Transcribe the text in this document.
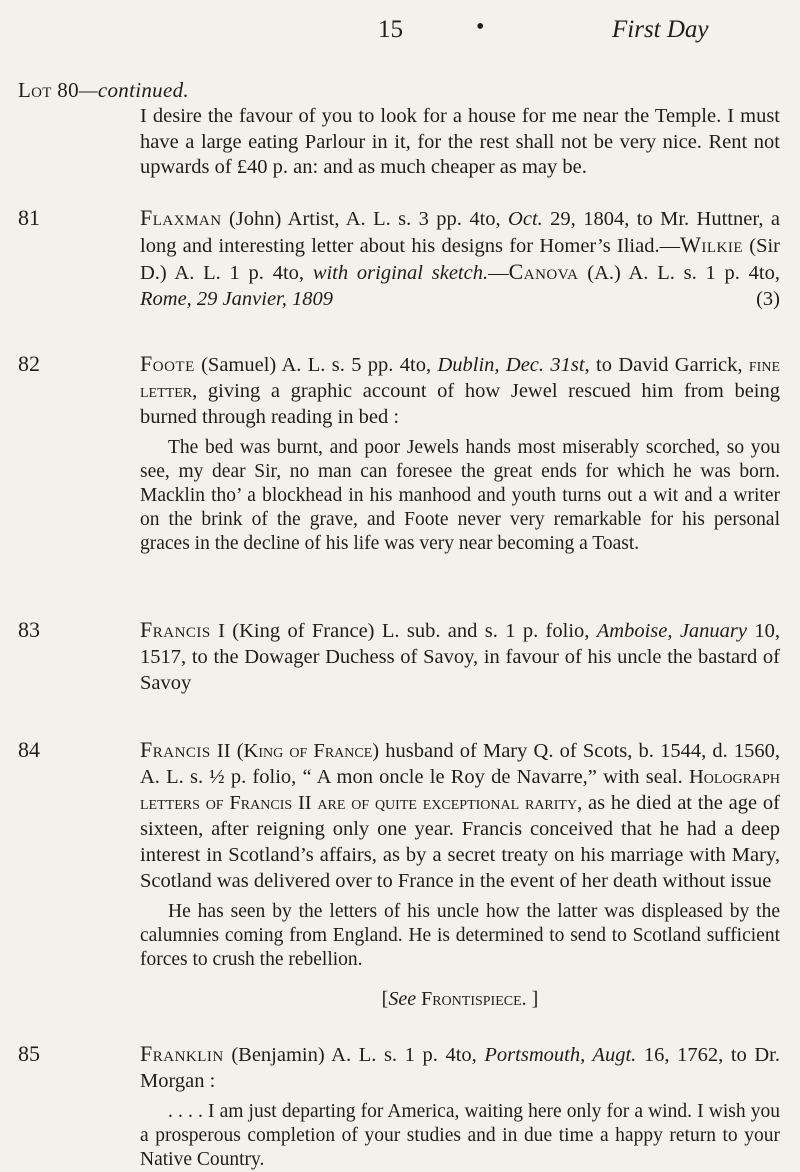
15	•	First Day
Lot 80—continued.

I desire the favour of you to look for a house for me near the Temple. I must have a large eating Parlour in it, for the rest shall not be very nice. Rent not upwards of £40 p. an: and as much cheaper as may be.

81	Flaxman (John) Artist, A. L. s. 3 pp. 4to, Oct. 29, 1804, to Mr. Huttner, a long and interesting letter about his designs for Homer’s Iliad.—Wilkie (Sir D.) A. L. 1 p. 4to, with original sketch.—Canova (A.) A. L. s. 1 p. 4to, Rome, 29 Janvier, 1809	(3)
82	Foote (Samuel) A. L. s. 5 pp. 4to, Dublin, Dec. 31st, to David Garrick, fine letter, giving a graphic account of how Jewel rescued him from being burned through reading in bed :
The bed was burnt, and poor Jewels hands most miserably scorched, so you see, my dear Sir, no man can foresee the great ends for which he was born. Macklin tho’ a blockhead in his manhood and youth turns out a wit and a writer on the brink of the grave, and Foote never very remarkable for his personal graces in the decline of his life was very near becoming a Toast.
83	Francis I (King of France) L. sub. and s. 1 p. folio, Amboise, January 10, 1517, to the Dowager Duchess of Savoy, in favour of his uncle the bastard of Savoy
84	Francis II (King of France) husband of Mary Q. of Scots, b. 1544, d. 1560, A. L. s. ½ p. folio, “ A mon oncle le Roy de Navarre,” with seal. Holograph letters of Francis II are of quite exceptional rarity, as he died at the age of sixteen, after reigning only one year. Francis conceived that he had a deep interest in Scotland’s affairs, as by a secret treaty on his marriage with Mary, Scotland was delivered over to France in the event of her death without issue
He has seen by the letters of his uncle how the latter was displeased by the calumnies coming from England. He is determined to send to Scotland sufficient forces to crush the rebellion.
[See Frontispiece. ]
85	Franklin (Benjamin) A. L. s. 1 p. 4to, Portsmouth, Augt. 16, 1762, to Dr. Morgan :
. . . . I am just departing for America, waiting here only for a wind. I wish you a prosperous completion of your studies and in due time a happy return to your Native Country.
